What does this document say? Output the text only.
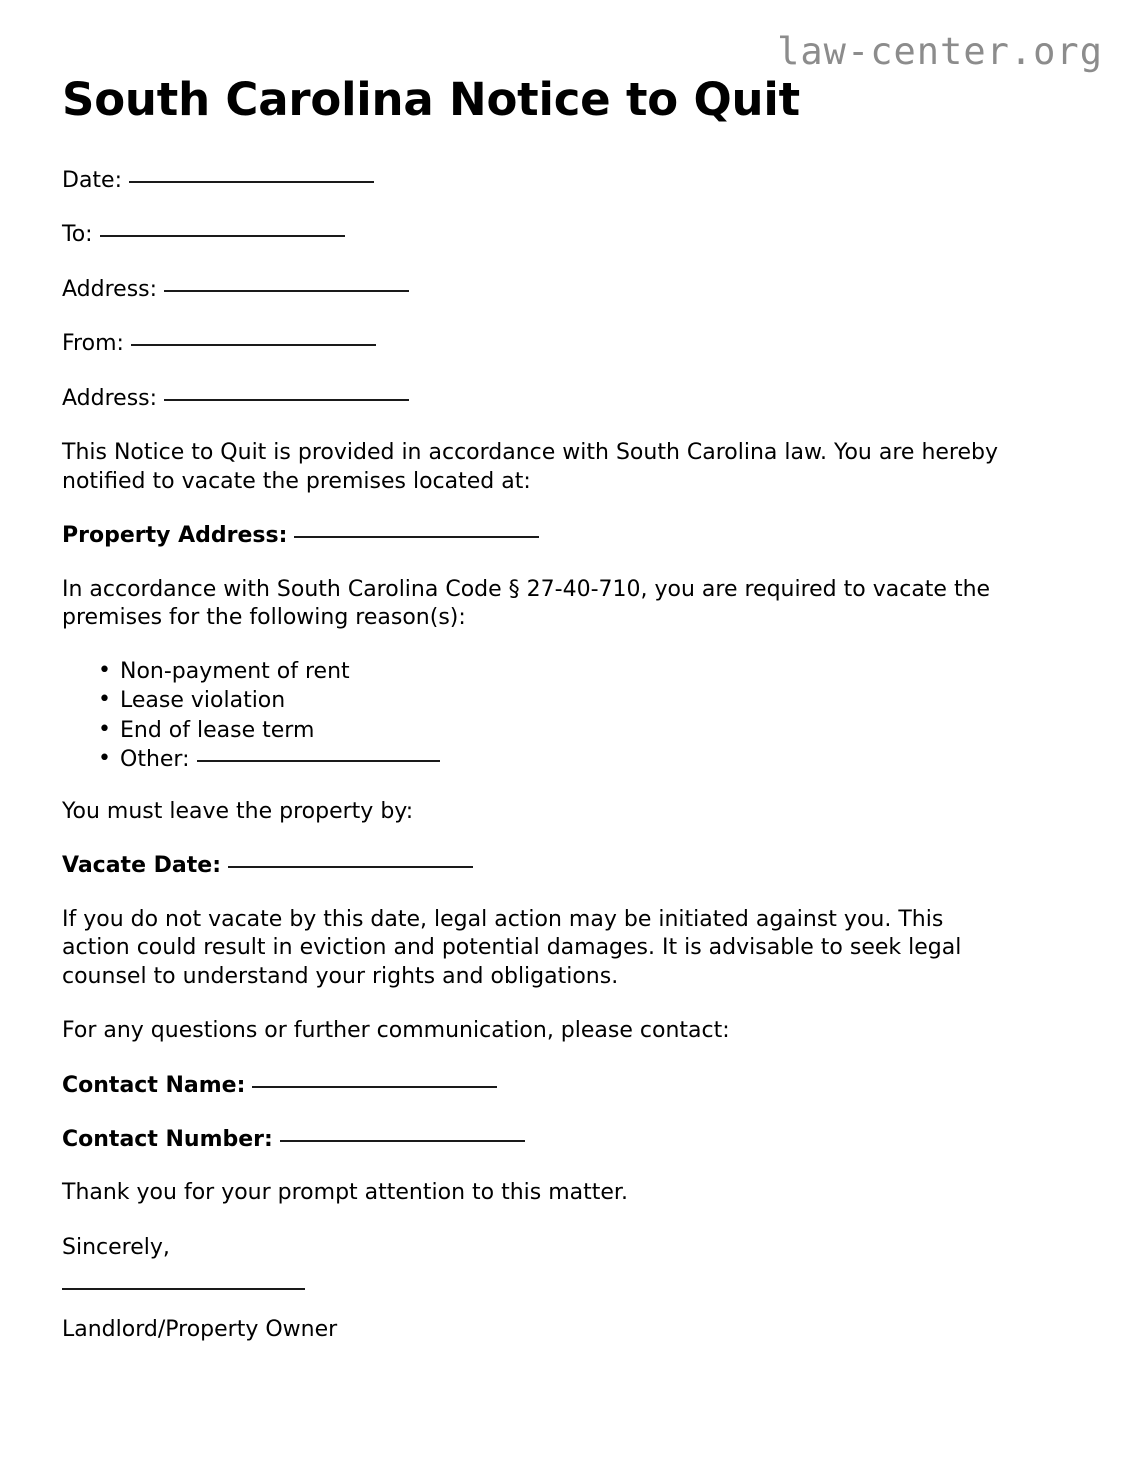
law-center.org
South Carolina Notice to Quit
Date:
To:
Address:
From:
Address:

This Notice to Quit is provided in accordance with South Carolina law. You are hereby notified to vacate the premises located at:

Property Address:

In accordance with South Carolina Code § 27-40-710, you are required to vacate the premises for the following reason(s):

• Non-payment of rent
• Lease violation
• End of lease term
• Other:

You must leave the property by:

Vacate Date:

If you do not vacate by this date, legal action may be initiated against you. This action could result in eviction and potential damages. It is advisable to seek legal counsel to understand your rights and obligations.

For any questions or further communication, please contact:

Contact Name:
Contact Number:

Thank you for your prompt attention to this matter.

Sincerely,

Landlord/Property Owner
